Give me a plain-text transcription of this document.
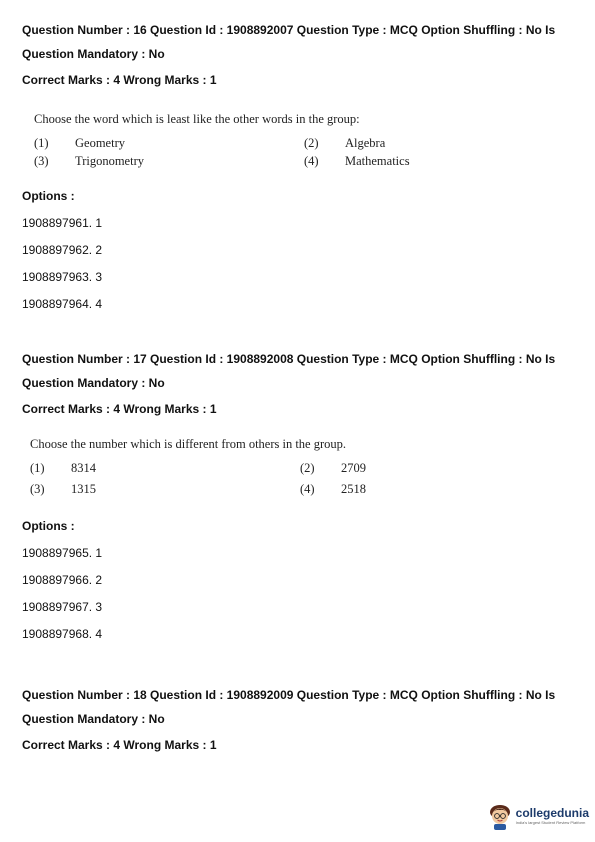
Question Number : 16 Question Id : 1908892007 Question Type : MCQ Option Shuffling : No Is

Question Mandatory : No

Correct Marks : 4 Wrong Marks : 1

Choose the word which is least like the other words in the group:

(1)	Geometry	(2)	Algebra
(3)	Trigonometry	(4)	Mathematics

Options :

1908897961. 1

1908897962. 2

1908897963. 3

1908897964. 4

Question Number : 17 Question Id : 1908892008 Question Type : MCQ Option Shuffling : No Is

Question Mandatory : No

Correct Marks : 4 Wrong Marks : 1

Choose the number which is different from others in the group.

(1)	8314	(2)	2709
(3)	1315	(4)	2518

Options :

1908897965. 1

1908897966. 2

1908897967. 3

1908897968. 4

Question Number : 18 Question Id : 1908892009 Question Type : MCQ Option Shuffling : No Is

Question Mandatory : No

Correct Marks : 4 Wrong Marks : 1

collegedunia
India's largest Student Review Platform
